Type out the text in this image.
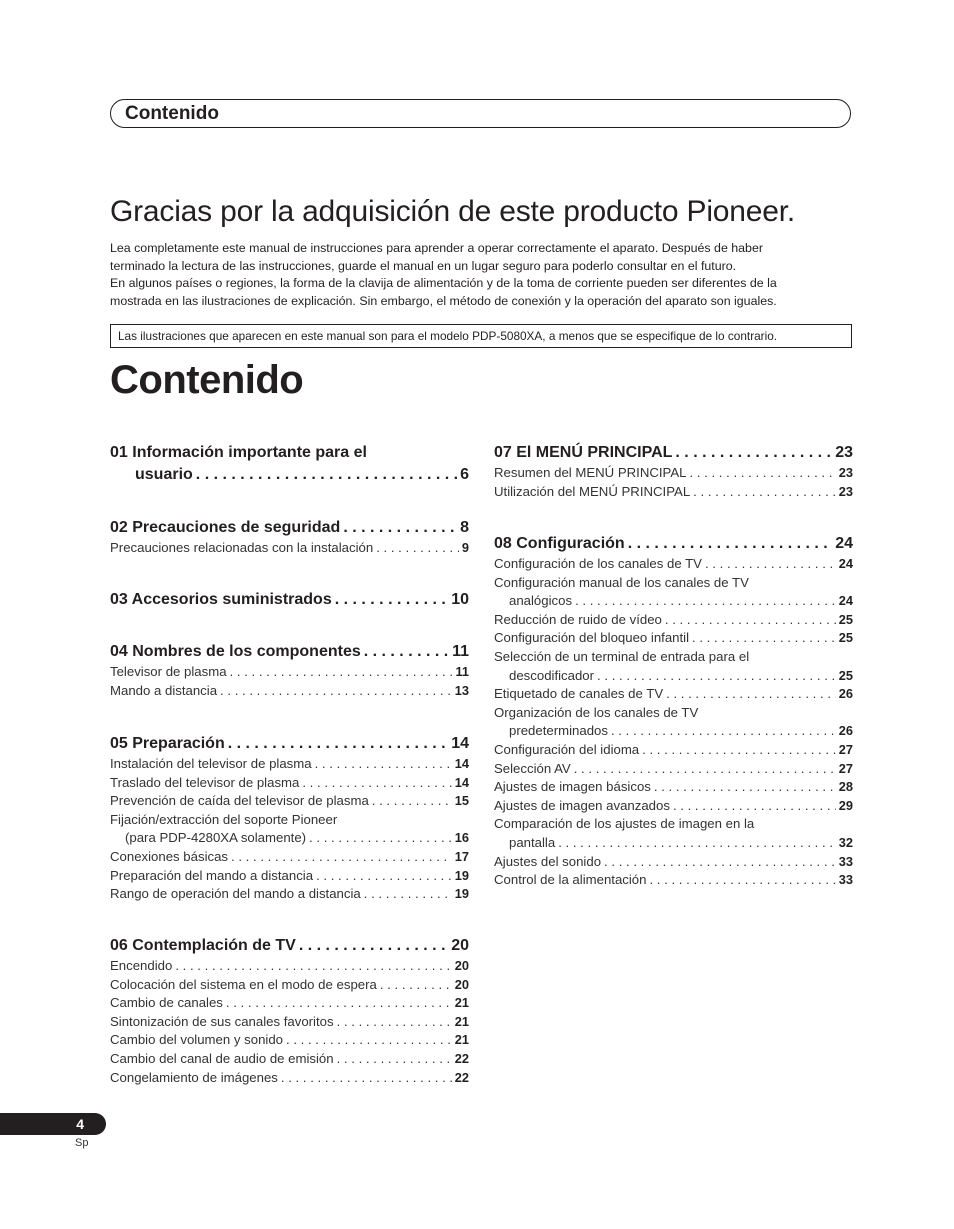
Contenido
Gracias por la adquisición de este producto Pioneer.
Lea completamente este manual de instrucciones para aprender a operar correctamente el aparato. Después de haber
terminado la lectura de las instrucciones, guarde el manual en un lugar seguro para poderlo consultar en el futuro.
En algunos países o regiones, la forma de la clavija de alimentación y de la toma de corriente pueden ser diferentes de la
mostrada en las ilustraciones de explicación. Sin embargo, el método de conexión y la operación del aparato son iguales.
Las ilustraciones que aparecen en este manual son para el modelo PDP-5080XA, a menos que se especifique de lo contrario.
Contenido
01 Información importante para el
usuario . . .	6
02 Precauciones de seguridad . . .	8
Precauciones relacionadas con la instalación . . .	9
03 Accesorios suministrados . . .	10
04 Nombres de los componentes . . .	11
Televisor de plasma . . .	11
Mando a distancia . . .	13
05 Preparación . . .	14
Instalación del televisor de plasma . . .	14
Traslado del televisor de plasma . . .	14
Prevención de caída del televisor de plasma . . .	15
Fijación/extracción del soporte Pioneer
(para PDP-4280XA solamente) . . .	16
Conexiones básicas . . .	17
Preparación del mando a distancia . . .	19
Rango de operación del mando a distancia . . .	19
06 Contemplación de TV . . .	20
Encendido . . .	20
Colocación del sistema en el modo de espera . . .	20
Cambio de canales . . .	21
Sintonización de sus canales favoritos . . .	21
Cambio del volumen y sonido . . .	21
Cambio del canal de audio de emisión . . .	22
Congelamiento de imágenes . . .	22
07 El MENÚ PRINCIPAL . . .	23
Resumen del MENÚ PRINCIPAL . . .	23
Utilización del MENÚ PRINCIPAL . . .	23
08 Configuración . . .	24
Configuración de los canales de TV . . .	24
Configuración manual de los canales de TV
analógicos . . .	24
Reducción de ruido de vídeo . . .	25
Configuración del bloqueo infantil . . .	25
Selección de un terminal de entrada para el
descodificador . . .	25
Etiquetado de canales de TV . . .	26
Organización de los canales de TV
predeterminados . . .	26
Configuración del idioma . . .	27
Selección AV . . .	27
Ajustes de imagen básicos . . .	28
Ajustes de imagen avanzados . . .	29
Comparación de los ajustes de imagen en la
pantalla . . .	32
Ajustes del sonido . . .	33
Control de la alimentación . . .	33
4
Sp
